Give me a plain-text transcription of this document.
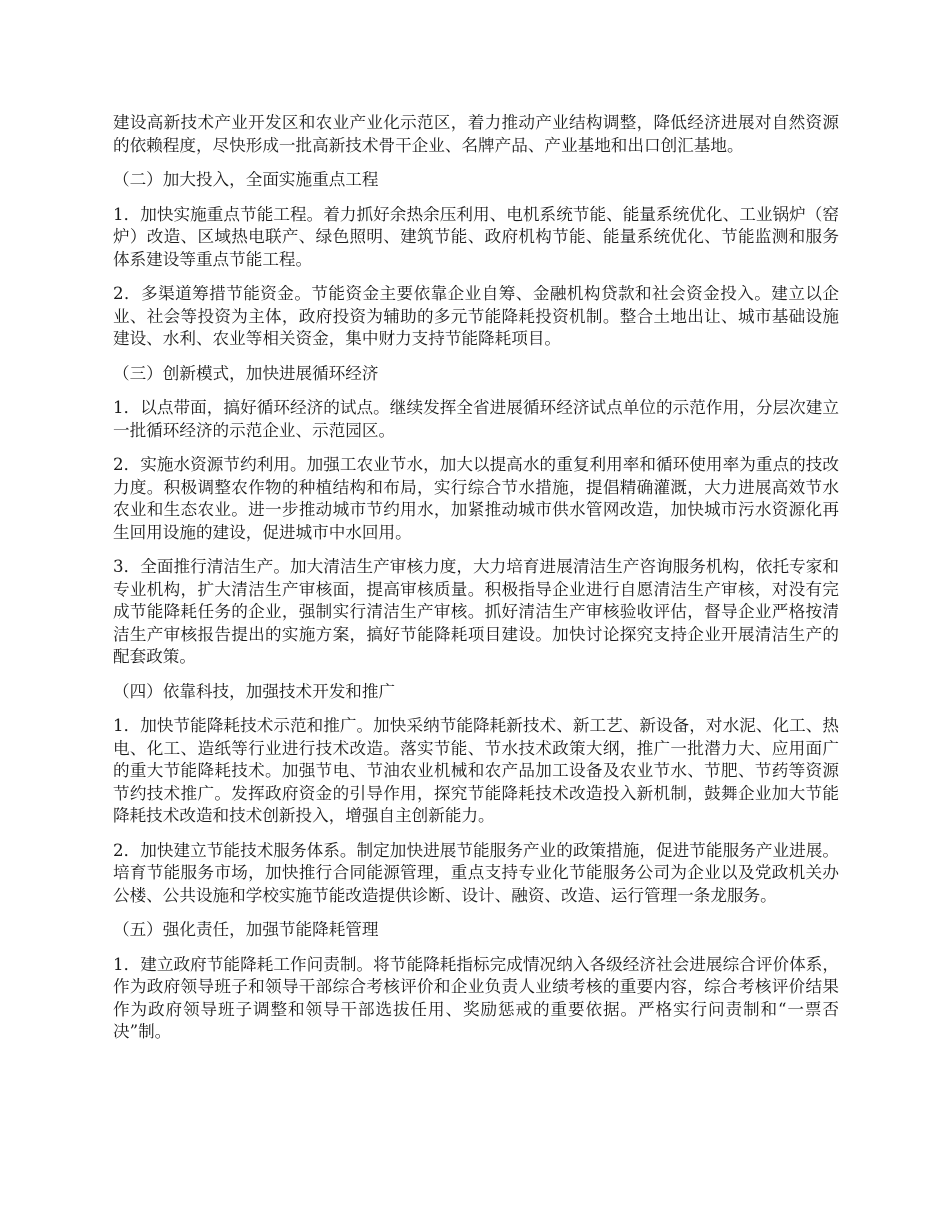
建设高新技术产业开发区和农业产业化示范区，着力推动产业结构调整，降低经济进展对自然资源的依赖程度，尽快形成一批高新技术骨干企业、名牌产品、产业基地和出口创汇基地。

（二）加大投入，全面实施重点工程

1．加快实施重点节能工程。着力抓好余热余压利用、电机系统节能、能量系统优化、工业锅炉（窑炉）改造、区域热电联产、绿色照明、建筑节能、政府机构节能、能量系统优化、节能监测和服务体系建设等重点节能工程。

2．多渠道筹措节能资金。节能资金主要依靠企业自筹、金融机构贷款和社会资金投入。建立以企业、社会等投资为主体，政府投资为辅助的多元节能降耗投资机制。整合土地出让、城市基础设施建设、水利、农业等相关资金，集中财力支持节能降耗项目。

（三）创新模式，加快进展循环经济

1．以点带面，搞好循环经济的试点。继续发挥全省进展循环经济试点单位的示范作用，分层次建立一批循环经济的示范企业、示范园区。

2．实施水资源节约利用。加强工农业节水，加大以提高水的重复利用率和循环使用率为重点的技改力度。积极调整农作物的种植结构和布局，实行综合节水措施，提倡精确灌溉，大力进展高效节水农业和生态农业。进一步推动城市节约用水，加紧推动城市供水管网改造，加快城市污水资源化再生回用设施的建设，促进城市中水回用。

3．全面推行清洁生产。加大清洁生产审核力度，大力培育进展清洁生产咨询服务机构，依托专家和专业机构，扩大清洁生产审核面，提高审核质量。积极指导企业进行自愿清洁生产审核，对没有完成节能降耗任务的企业，强制实行清洁生产审核。抓好清洁生产审核验收评估，督导企业严格按清洁生产审核报告提出的实施方案，搞好节能降耗项目建设。加快讨论探究支持企业开展清洁生产的配套政策。

（四）依靠科技，加强技术开发和推广

1．加快节能降耗技术示范和推广。加快采纳节能降耗新技术、新工艺、新设备，对水泥、化工、热电、化工、造纸等行业进行技术改造。落实节能、节水技术政策大纲，推广一批潜力大、应用面广的重大节能降耗技术。加强节电、节油农业机械和农产品加工设备及农业节水、节肥、节药等资源节约技术推广。发挥政府资金的引导作用，探究节能降耗技术改造投入新机制，鼓舞企业加大节能降耗技术改造和技术创新投入，增强自主创新能力。

2．加快建立节能技术服务体系。制定加快进展节能服务产业的政策措施，促进节能服务产业进展。培育节能服务市场，加快推行合同能源管理，重点支持专业化节能服务公司为企业以及党政机关办公楼、公共设施和学校实施节能改造提供诊断、设计、融资、改造、运行管理一条龙服务。

（五）强化责任，加强节能降耗管理

1．建立政府节能降耗工作问责制。将节能降耗指标完成情况纳入各级经济社会进展综合评价体系，作为政府领导班子和领导干部综合考核评价和企业负责人业绩考核的重要内容，综合考核评价结果作为政府领导班子调整和领导干部选拔任用、奖励惩戒的重要依据。严格实行问责制和“一票否决”制。
